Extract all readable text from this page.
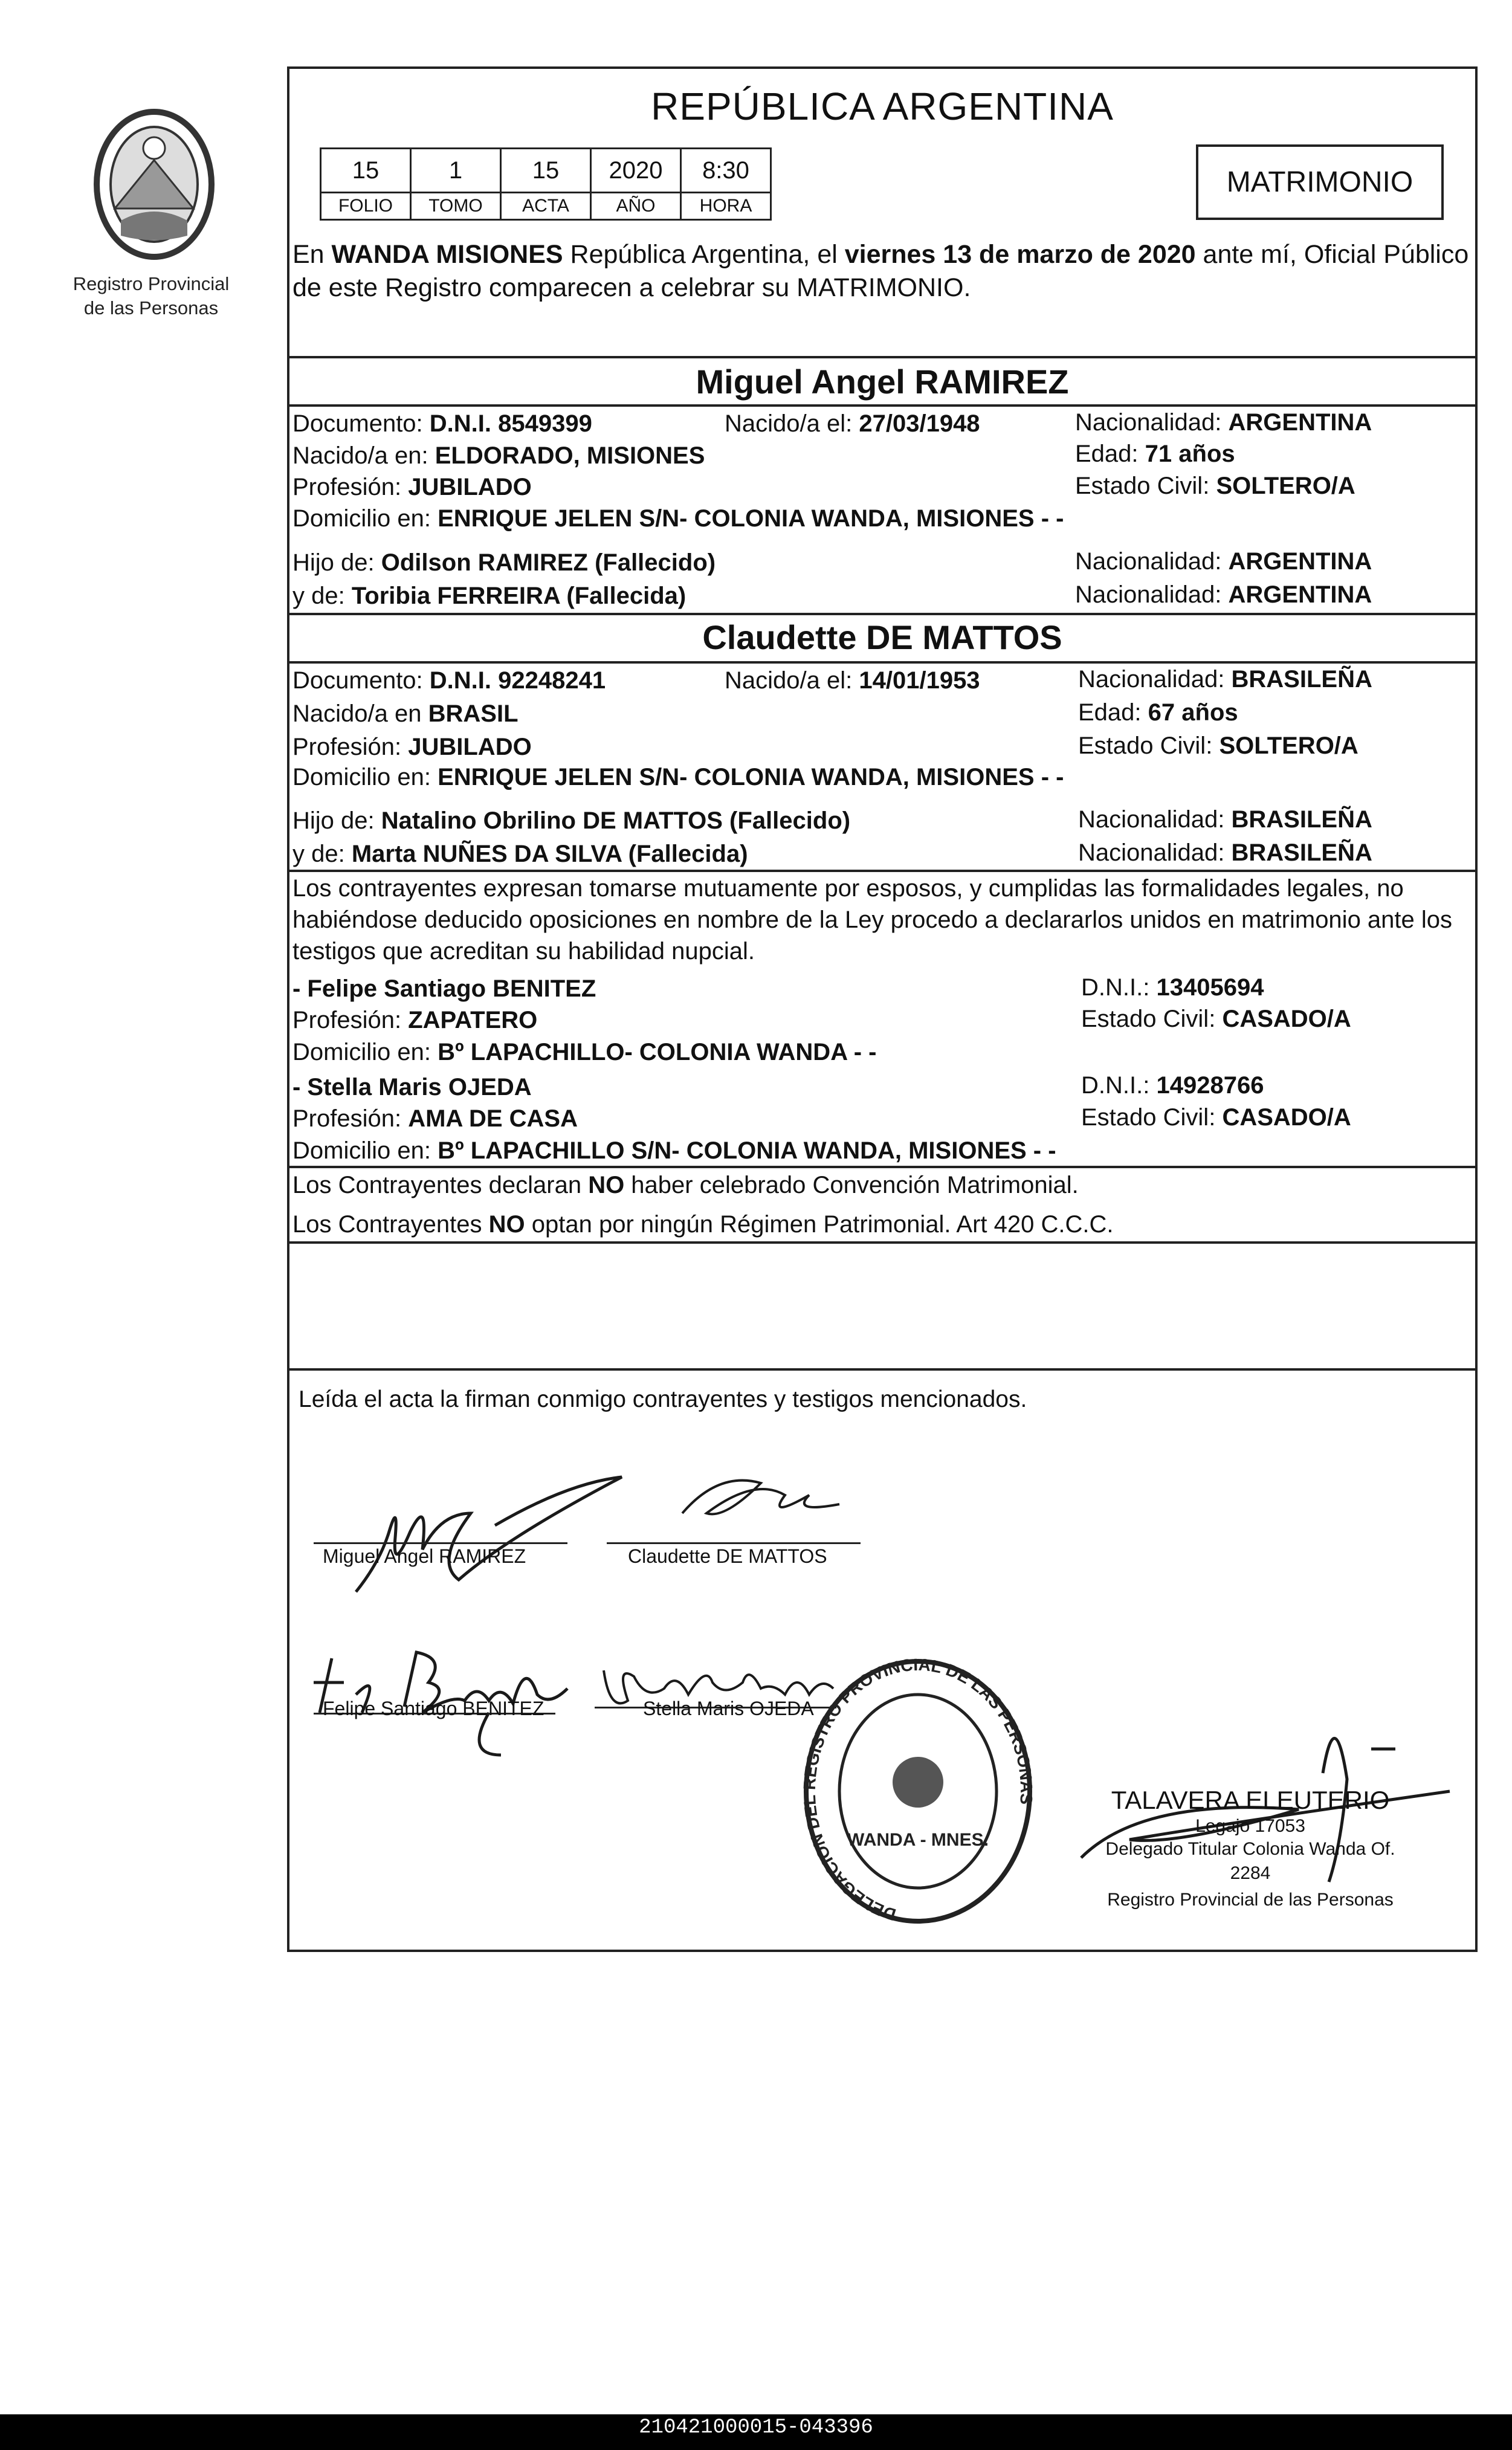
Registro Provincial
de las Personas
REPÚBLICA ARGENTINA
15	1	15	2020	8:30
FOLIO	TOMO	ACTA	AÑO	HORA
MATRIMONIO
En WANDA MISIONES República Argentina, el viernes 13 de marzo de 2020 ante mí, Oficial Público de este Registro comparecen a celebrar su MATRIMONIO.
Miguel Angel RAMIREZ
Documento: D.N.I. 8549399	Nacido/a el: 27/03/1948	Nacionalidad: ARGENTINA
Nacido/a en: ELDORADO, MISIONES	Edad: 71 años
Profesión: JUBILADO	Estado Civil: SOLTERO/A
Domicilio en: ENRIQUE JELEN S/N- COLONIA WANDA, MISIONES - -
Hijo de: Odilson RAMIREZ (Fallecido)	Nacionalidad: ARGENTINA
y de: Toribia FERREIRA (Fallecida)	Nacionalidad: ARGENTINA
Claudette DE MATTOS
Documento: D.N.I. 92248241	Nacido/a el: 14/01/1953	Nacionalidad: BRASILEÑA
Nacido/a en BRASIL	Edad: 67 años
Profesión: JUBILADO	Estado Civil: SOLTERO/A
Domicilio en: ENRIQUE JELEN S/N- COLONIA WANDA, MISIONES - -
Hijo de: Natalino Obrilino DE MATTOS (Fallecido)	Nacionalidad: BRASILEÑA
y de: Marta NUÑES DA SILVA (Fallecida)	Nacionalidad: BRASILEÑA
Los contrayentes expresan tomarse mutuamente por esposos, y cumplidas las formalidades legales, no habiéndose deducido oposiciones en nombre de la Ley procedo a declararlos unidos en matrimonio ante los testigos que acreditan su habilidad nupcial.
- Felipe Santiago BENITEZ	D.N.I.: 13405694
Profesión: ZAPATERO	Estado Civil: CASADO/A
Domicilio en: Bº LAPACHILLO- COLONIA WANDA - -
- Stella Maris OJEDA	D.N.I.: 14928766
Profesión: AMA DE CASA	Estado Civil: CASADO/A
Domicilio en: Bº LAPACHILLO S/N- COLONIA WANDA, MISIONES - -
Los Contrayentes declaran NO haber celebrado Convención Matrimonial.
Los Contrayentes NO optan por ningún Régimen Patrimonial. Art 420 C.C.C.
Leída el acta la firman conmigo contrayentes y testigos mencionados.
Miguel Angel RAMIREZ	Claudette DE MATTOS
Felipe Santiago BENITEZ	Stella Maris OJEDA
DELEGACION DEL REGISTRO PROVINCIAL DE LAS PERSONAS
WANDA - MNES.
TALAVERA ELEUTERIO
Legajo 17053
Delegado Titular Colonia Wanda Of. 2284
Registro Provincial de las Personas
210421000015-043396
